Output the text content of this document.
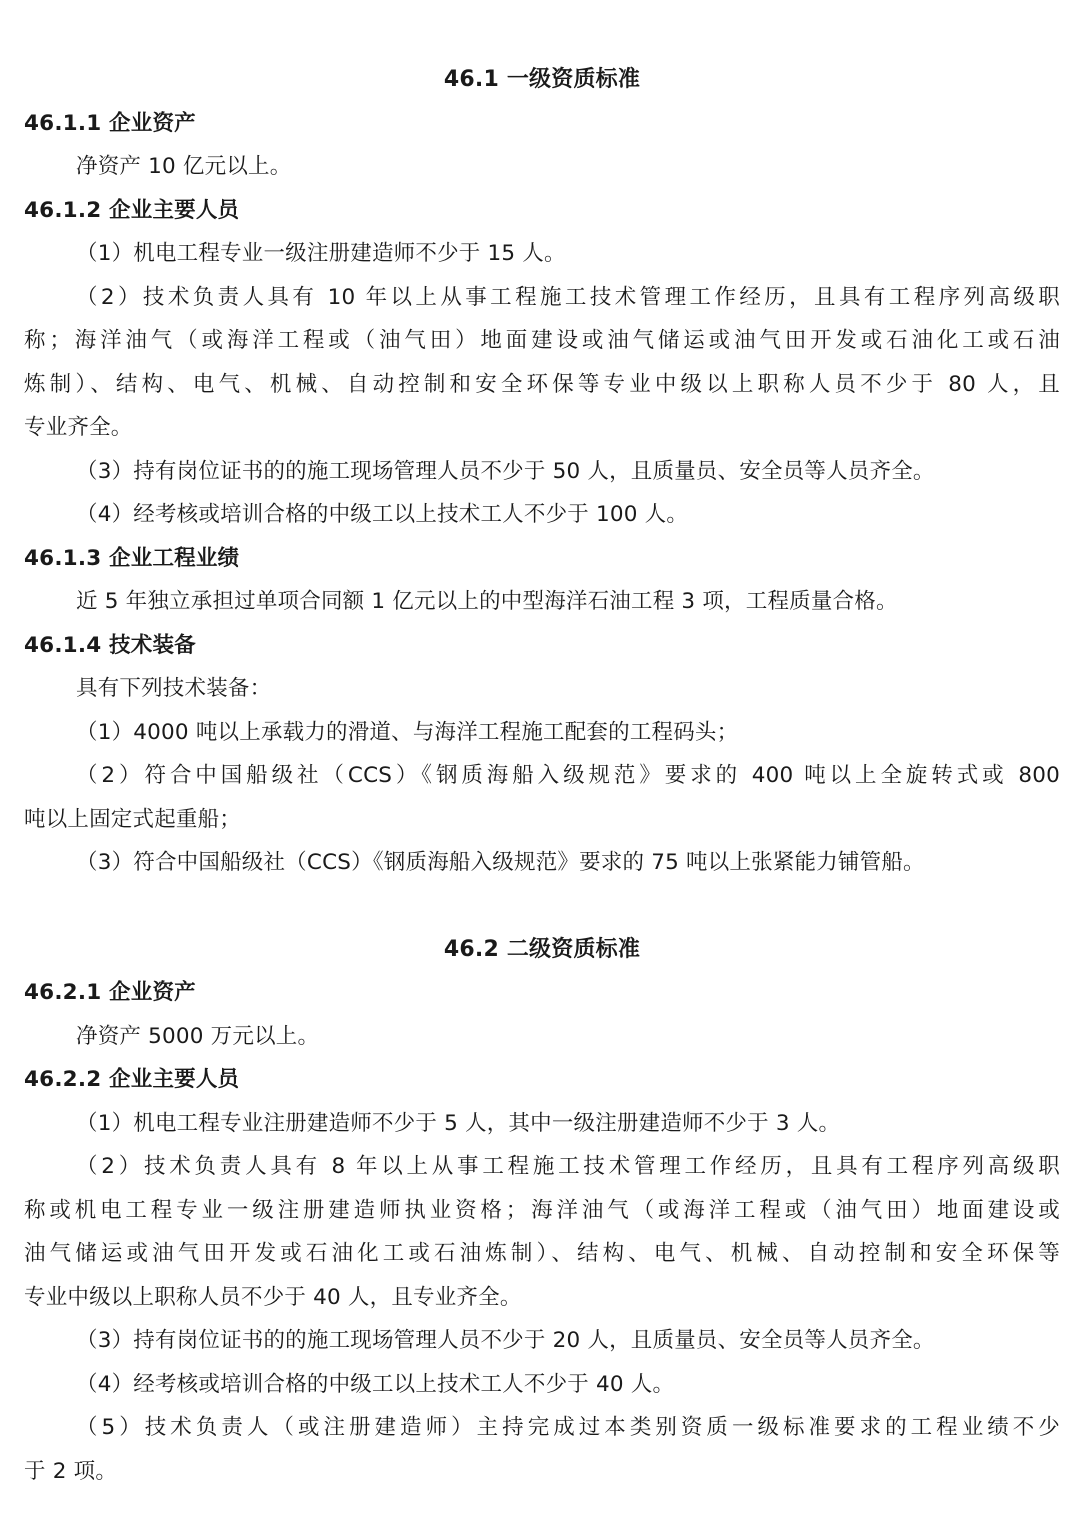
46.1 一级资质标准
46.1.1 企业资产
净资产 10 亿元以上。
46.1.2 企业主要人员
（1）机电工程专业一级注册建造师不少于 15 人。
（2）技术负责人具有 10 年以上从事工程施工技术管理工作经历，且具有工程序列高级职
称；海洋油气（或海洋工程或（油气田）地面建设或油气储运或油气田开发或石油化工或石油
炼制）、结构、电气、机械、自动控制和安全环保等专业中级以上职称人员不少于 80 人，且
专业齐全。
（3）持有岗位证书的的施工现场管理人员不少于 50 人，且质量员、安全员等人员齐全。
（4）经考核或培训合格的中级工以上技术工人不少于 100 人。
46.1.3 企业工程业绩
近 5 年独立承担过单项合同额 1 亿元以上的中型海洋石油工程 3 项，工程质量合格。
46.1.4 技术装备
具有下列技术装备：
（1）4000 吨以上承载力的滑道、与海洋工程施工配套的工程码头；
（2）符合中国船级社（CCS）《钢质海船入级规范》要求的 400 吨以上全旋转式或 800
吨以上固定式起重船；
（3）符合中国船级社（CCS）《钢质海船入级规范》要求的 75 吨以上张紧能力铺管船。
46.2 二级资质标准
46.2.1 企业资产
净资产 5000 万元以上。
46.2.2 企业主要人员
（1）机电工程专业注册建造师不少于 5 人，其中一级注册建造师不少于 3 人。
（2）技术负责人具有 8 年以上从事工程施工技术管理工作经历，且具有工程序列高级职
称或机电工程专业一级注册建造师执业资格；海洋油气（或海洋工程或（油气田）地面建设或
油气储运或油气田开发或石油化工或石油炼制）、结构、电气、机械、自动控制和安全环保等
专业中级以上职称人员不少于 40 人，且专业齐全。
（3）持有岗位证书的的施工现场管理人员不少于 20 人，且质量员、安全员等人员齐全。
（4）经考核或培训合格的中级工以上技术工人不少于 40 人。
（5）技术负责人（或注册建造师）主持完成过本类别资质一级标准要求的工程业绩不少
于 2 项。
